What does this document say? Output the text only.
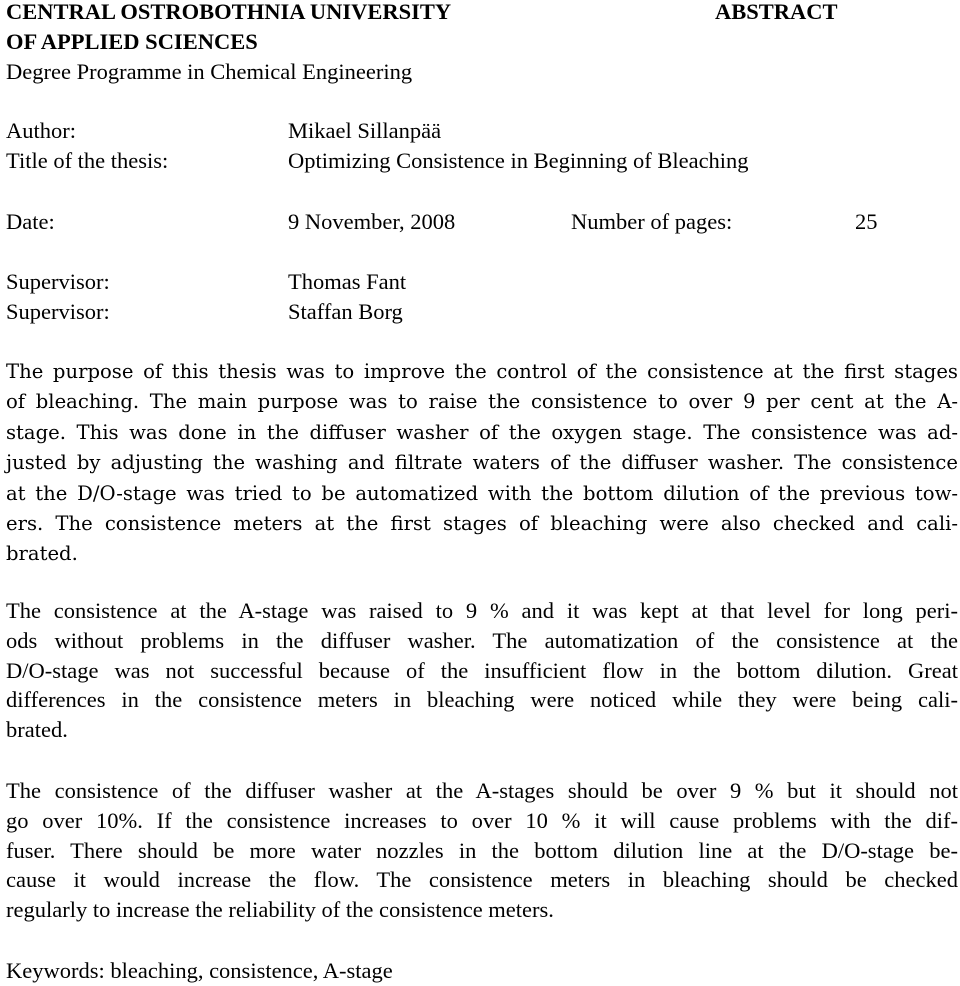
CENTRAL OSTROBOTHNIA UNIVERSITY	ABSTRACT
OF APPLIED SCIENCES
Degree Programme in Chemical Engineering
Author:	Mikael Sillanpää
Title of the thesis:	Optimizing Consistence in Beginning of Bleaching
Date:	9 November, 2008	Number of pages:	25
Supervisor:	Thomas Fant
Supervisor:	Staffan Borg
The purpose of this thesis was to improve the control of the consistence at the first stages
of bleaching. The main purpose was to raise the consistence to over 9 per cent at the A-
stage. This was done in the diffuser washer of the oxygen stage. The consistence was ad-
justed by adjusting the washing and filtrate waters of the diffuser washer. The consistence
at the D/O-stage was tried to be automatized with the bottom dilution of the previous tow-
ers. The consistence meters at the first stages of bleaching were also checked and cali-
brated.
The consistence at the A-stage was raised to 9 % and it was kept at that level for long peri-
ods without problems in the diffuser washer. The automatization of the consistence at the
D/O-stage was not successful because of the insufficient flow in the bottom dilution. Great
differences in the consistence meters in bleaching were noticed while they were being cali-
brated.
The consistence of the diffuser washer at the A-stages should be over 9 % but it should not
go over 10%. If the consistence increases to over 10 % it will cause problems with the dif-
fuser. There should be more water nozzles in the bottom dilution line at the D/O-stage be-
cause it would increase the flow. The consistence meters in bleaching should be checked
regularly to increase the reliability of the consistence meters.
Keywords: bleaching, consistence, A-stage
